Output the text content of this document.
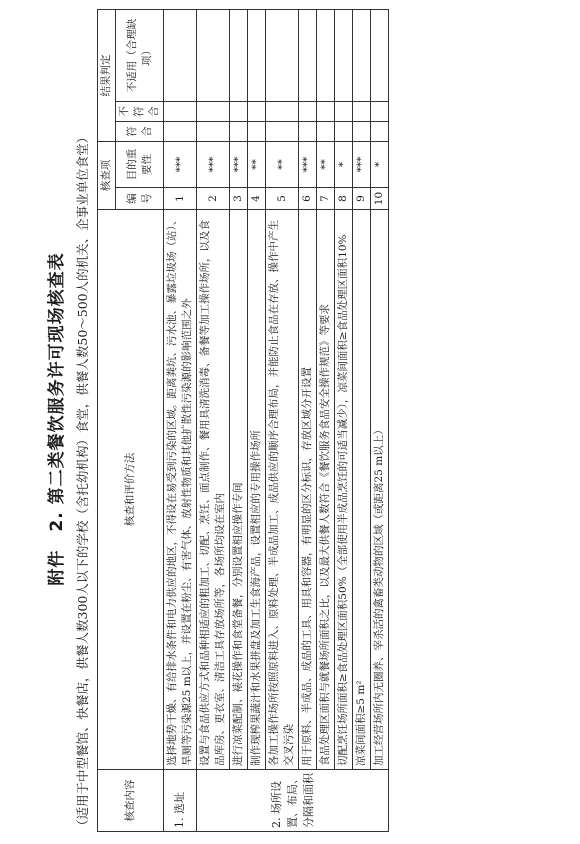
附件　2. 第二类餐饮服务许可现场核查表 （适用于中型餐馆、快餐店，供餐人数300人以下的学校（含托幼机构）食堂，供餐人数50～500人的机关、企事业单位食堂）	核查内容	核查和评价方法	核查项		结果判定		
		编号	目的重要性	符合	不符合	不适用（合理缺项）
1. 选址	选择地势干燥、有给排水条件和电力供应的地区，不得设在易受到污染的区域。距离粪坑、污水池、暴露垃圾场（站）、旱厕等污染源25 m以上，并设置在粉尘、有害气体、放射性物质和其他扩散性污染源的影响范围之外	1	***			
2. 场所设置、布局、分隔和面积	设置与食品供应方式和品种相适应的粗加工、切配、烹饪、面点制作、餐用具清洗消毒、备餐等加工操作场所，以及食品库房、更衣室、清洁工具存放场所等，各场所均设在室内	2	***			
	进行凉菜配制、裱花操作和食堂备餐，分别设置相应操作专间	3	***			
	制作现榨果蔬汁和水果拼盘及加工生食海产品，设置相应的专用操作场所	4	**			
	各加工操作场所按照原料进入、原料处理、半成品加工、成品供应的顺序合理布局，并能防止食品在存放、操作中产生交叉污染	5	**			
	用于原料、半成品、成品的工具、用具和容器，有明显的区分标识，存放区域分开设置	6	***			
	食品处理区面积与就餐场所面积之比，以及最大供餐人数符合《餐饮服务食品安全操作规范》等要求	7	**			
	切配烹饪场所面积≥食品处理区面积50%（全部使用半成品烹饪的可适当减少），凉菜间面积≥食品处理区面积10%	8	*			
	凉菜间面积≥5 m²	9	***			
	加工经营场所内无圈养、宰杀活的禽畜类动物的区域（或距离25 m以上）	10	*			
